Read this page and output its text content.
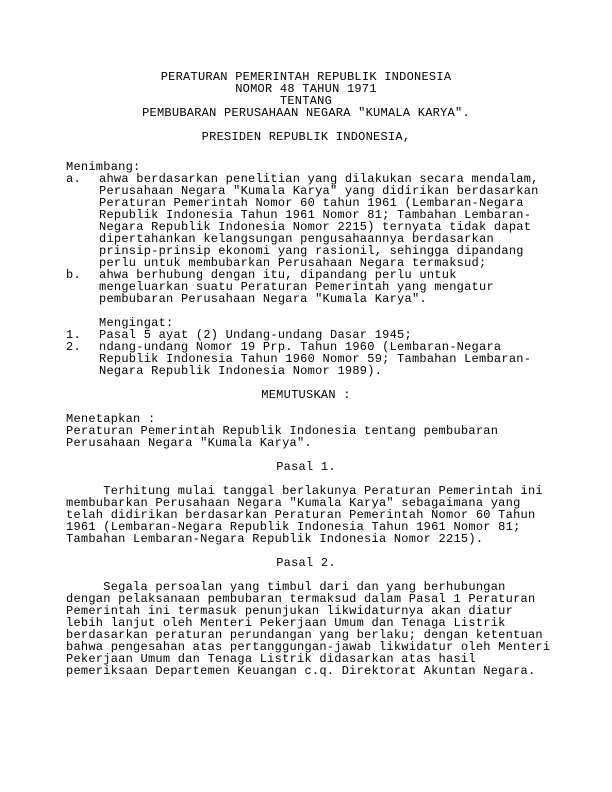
PERATURAN PEMERINTAH REPUBLIK INDONESIA
NOMOR 48 TAHUN 1971
TENTANG
PEMBUBARAN PERUSAHAAN NEGARA "KUMALA KARYA".
PRESIDEN REPUBLIK INDONESIA,
Menimbang:
a.	ahwa berdasarkan penelitian yang dilakukan secara mendalam,
Perusahaan Negara "Kumala Karya" yang didirikan berdasarkan
Peraturan Pemerintah Nomor 60 tahun 1961 (Lembaran-Negara
Republik Indonesia Tahun 1961 Nomor 81; Tambahan Lembaran-
Negara Republik Indonesia Nomor 2215) ternyata tidak dapat
dipertahankan kelangsungan pengusahaannya berdasarkan
prinsip-prinsip ekonomi yang rasionil, sehingga dipandang
perlu untuk membubarkan Perusahaan Negara termaksud;
b.	ahwa berhubung dengan itu, dipandang perlu untuk
mengeluarkan suatu Peraturan Pemerintah yang mengatur
pembubaran Perusahaan Negara "Kumala Karya".
Mengingat:
1.	Pasal 5 ayat (2) Undang-undang Dasar 1945;
2.	ndang-undang Nomor 19 Prp. Tahun 1960 (Lembaran-Negara
Republik Indonesia Tahun 1960 Nomor 59; Tambahan Lembaran-
Negara Republik Indonesia Nomor 1989).
MEMUTUSKAN :
Menetapkan :
Peraturan Pemerintah Republik Indonesia tentang pembubaran
Perusahaan Negara "Kumala Karya".
Pasal 1.
Terhitung mulai tanggal berlakunya Peraturan Pemerintah ini
membubarkan Perusahaan Negara "Kumala Karya" sebagaimana yang
telah didirikan berdasarkan Peraturan Pemerintah Nomor 60 Tahun
1961 (Lembaran-Negara Republik Indonesia Tahun 1961 Nomor 81;
Tambahan Lembaran-Negara Republik Indonesia Nomor 2215).
Pasal 2.
Segala persoalan yang timbul dari dan yang berhubungan
dengan pelaksanaan pembubaran termaksud dalam Pasal 1 Peraturan
Pemerintah ini termasuk penunjukan likwidaturnya akan diatur
lebih lanjut oleh Menteri Pekerjaan Umum dan Tenaga Listrik
berdasarkan peraturan perundangan yang berlaku; dengan ketentuan
bahwa pengesahan atas pertanggungan-jawab likwidatur oleh Menteri
Pekerjaan Umum dan Tenaga Listrik didasarkan atas hasil
pemeriksaan Departemen Keuangan c.q. Direktorat Akuntan Negara.
